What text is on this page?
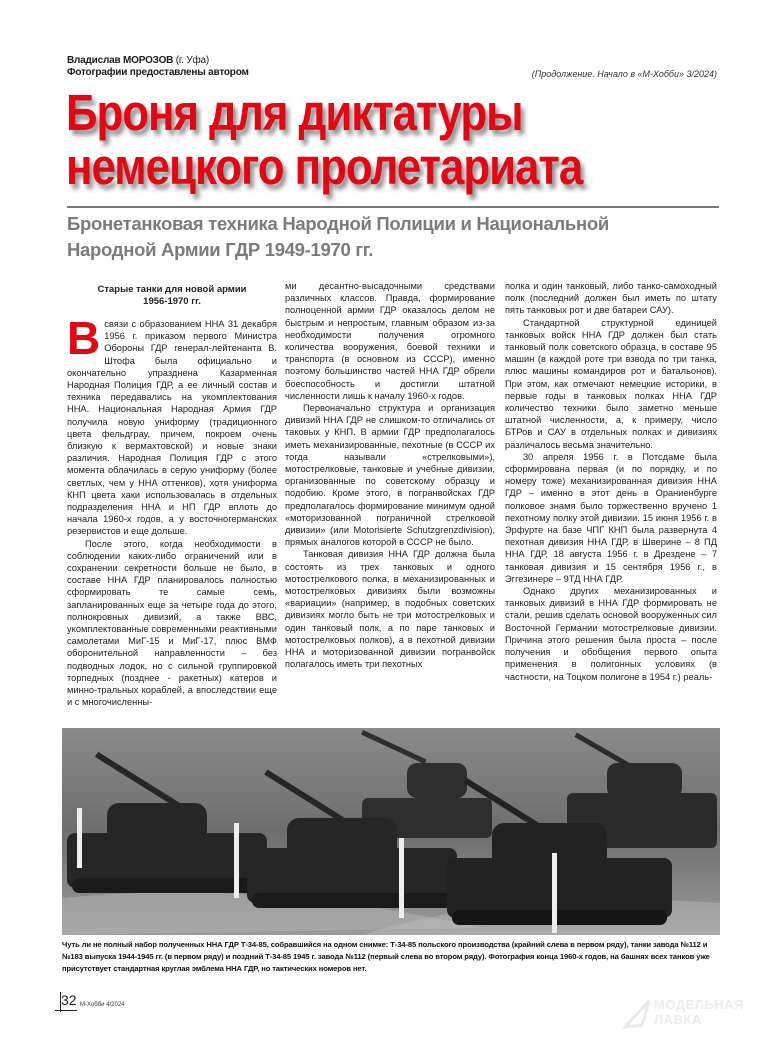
Владислав МОРОЗОВ (г. Уфа)
Фотографии предоставлены автором	(Продолжение. Начало в «М-Хобби» 3/2024)
Броня для диктатуры
немецкого пролетариата
Бронетанковая техника Народной Полиции и Национальной
Народной Армии ГДР 1949-1970 гг.
Старые танки для новой армии
1956-1970 гг.
В связи с образованием ННА 31 декабря 1956 г. приказом первого Министра Обороны ГДР генерал-лейтенанта В. Штофа была официально и окончательно упразднена Казарменная Народная Полиция ГДР, а ее личный состав и техника передавались на укомплектования ННА. Национальная Народная Армия ГДР получила новую униформу (традиционного цвета фельдграу, причем, покроем очень близкую к вермахтовской) и новые знаки различия. Народная Полиция ГДР с этого момента облачилась в серую униформу (более светлых, чем у ННА оттенков), хотя униформа КНП цвета хаки использовалась в отдельных подразделения ННА и НП ГДР вплоть до начала 1960-х годов, а у восточногерманских резервистов и еще дольше.

После этого, когда необходимости в соблюдении каких-либо ограничений или в сохранении секретности больше не было, в составе ННА ГДР планировалось полностью сформировать те самые семь, запланированных еще за четыре года до этого, полнокровных дивизий, а также ВВС, укомплектованные современными реактивными самолетами МиГ-15 и МиГ-17, плюс ВМФ оборонительной направленности – без подводных лодок, но с сильной группировкой торпедных (позднее - ракетных) катеров и минно-тральных кораблей, а впоследствии еще и с многочисленны-

ми десантно-высадочными средствами различных классов. Правда, формирование полноценной армии ГДР оказалось делом не быстрым и непростым, главным образом из-за необходимости получения огромного количества вооружения, боевой техники и транспорта (в основном из СССР), именно поэтому большинство частей ННА ГДР обрели боеспособность и достигли штатной численности лишь к началу 1960-х годов.

Первоначально структура и организация дивизий ННА ГДР не слишком-то отличались от таковых у КНП. В армии ГДР предполагалось иметь механизированные, пехотные (в СССР их тогда называли «стрелковыми»), мотострелковые, танковые и учебные дивизии, организованные по советскому образцу и подобию. Кроме этого, в погранвойсках ГДР предполагалось формирование минимум одной «моторизованной пограничной стрелковой дивизии» (или Motorisierte Schutzgrenzdivision), прямых аналогов которой в СССР не было.

Танковая дивизия ННА ГДР должна была состоять из трех танковых и одного мотострелкового полка, в механизированных и мотострелковых дивизиях были возможны «вариации» (например, в подобных советских дивизиях могло быть не три мотострелковых и один танковый полк, а по паре танковых и мотострелковых полков), а в пехотной дивизии ННА и моторизованной дивизии погранвойск полагалось иметь три пехотных

полка и один танковый, либо танко-самоходный полк (последний должен был иметь по штату пять танковых рот и две батареи САУ).

Стандартной структурной единицей танковых войск ННА ГДР должен был стать танковый полк советского образца, в составе 95 машин (в каждой роте три взвода по три танка, плюс машины командиров рот и батальонов). При этом, как отмечают немецкие историки, в первые годы в танковых полках ННА ГДР количество техники было заметно меньше штатной численности, а, к примеру, число БТРов и САУ в отдельных полках и дивизиях различалось весьма значительно.

30 апреля 1956 г. в Потсдаме была сформирована первая (и по порядку, и по номеру тоже) механизированная дивизия ННА ГДР – именно в этот день в Ораниенбурге полковое знамя было торжественно вручено 1 пехотному полку этой дивизии. 15 июня 1956 г. в Эрфурте на базе ЧПГ КНП была развернута 4 пехотная дивизия ННА ГДР, в Шверине – 8 ПД ННА ГДР, 18 августа 1956 г. в Дрездене – 7 танковая дивизия и 15 сентября 1956 г., в Эггезинере – 9ТД ННА ГДР.

Однако других механизированных и танковых дивизий в ННА ГДР формировать не стали, решив сделать основой вооруженных сил Восточной Германии мотострелковые дивизии. Причина этого решения была проста – после получения и обобщения первого опыта применения в полигонных условиях (в частности, на Тоцком полигоне в 1954 г.) реаль-

Чуть ли не полный набор полученных ННА ГДР Т-34-85, собравшийся на одном снимке: Т-34-85 польского производства (крайний слева в первом ряду), танки завода №112 и №183 выпуска 1944-1945 гг. (в первом ряду) и поздний Т-34-85 1945 г. завода №112 (первый слева во втором ряду). Фотография конца 1960-х годов, на башнях всех танков уже присутствует стандартная круглая эмблема ННА ГДР, но тактических номеров нет.
32 М-Хобби 4/2024	МОДЕЛЬНАЯ
ЛАВКА
